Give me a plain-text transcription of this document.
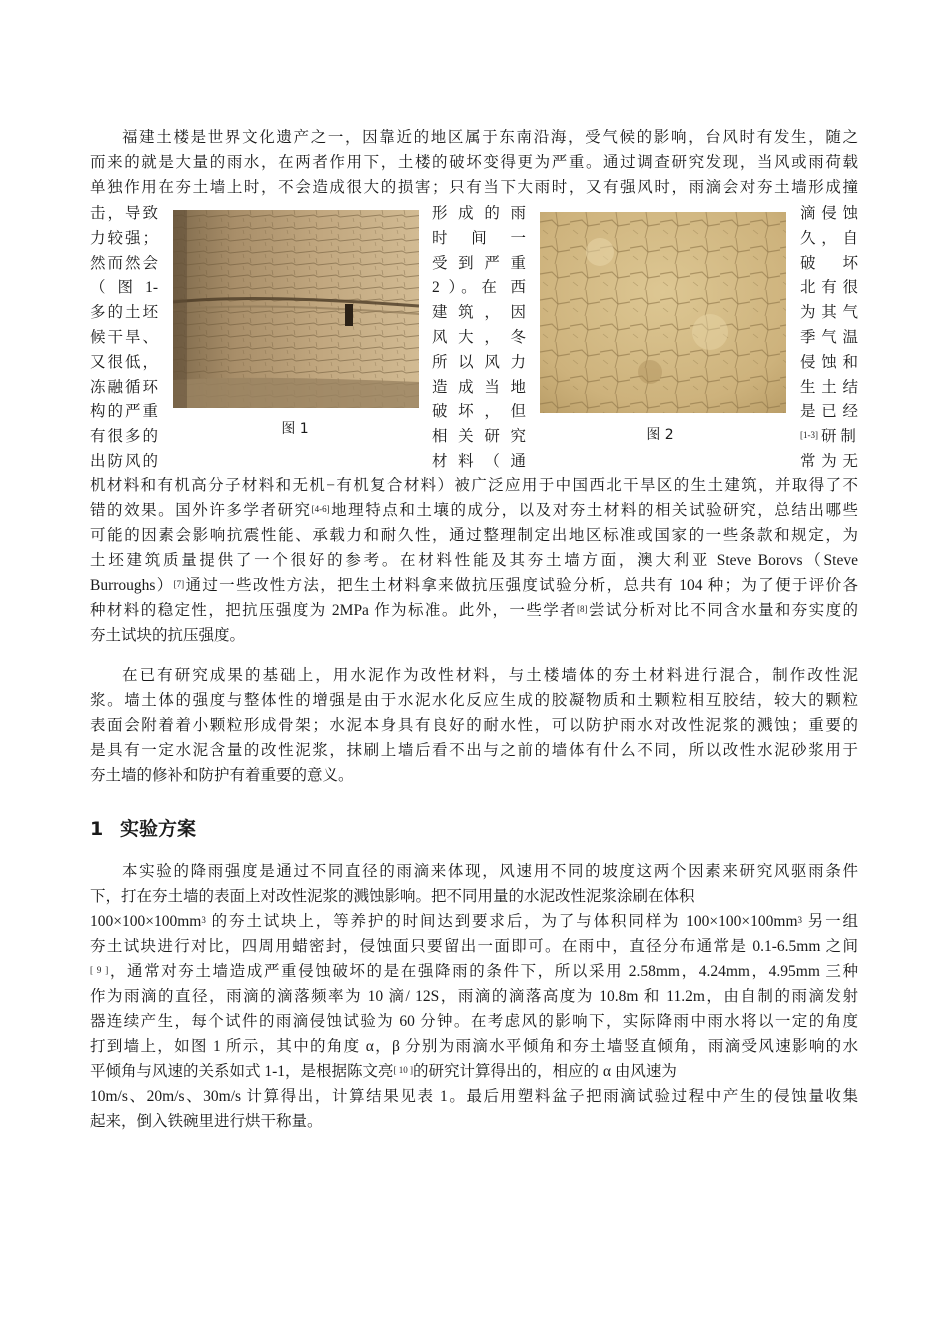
福建土楼是世界文化遗产之一，因靠近的地区属于东南沿海，受气候的影响，台风时有发生，随之
而来的就是大量的雨水，在两者作用下，土楼的破坏变得更为严重。通过调查研究发现，当风或雨荷载
单独作用在夯土墙上时，不会造成很大的损害；只有当下大雨时，又有强风时，雨滴会对夯土墙形成撞
击，导致
力较强；
然而然会
（ 图 1-
多的土坯
候干旱、
又很低，
冻融循环
构的严重
有很多的
出防风的
形 成 的 雨
时 间 一
受 到 严 重
2 ）。在 西
建 筑 ， 因
风 大 ， 冬
所 以 风 力
造 成 当 地
破 坏 ， 但
相 关 研 究
材 料 （ 通
滴 侵 蚀
久 ， 自
破 坏
北 有 很
为 其 气
季 气 温
侵 蚀 和
生 土 结
是 已 经
[1-3] 研 制
常 为 无
图 1	图 2
机材料和有机高分子材料和无机−有机复合材料）被广泛应用于中国西北干旱区的生土建筑，并取得了不
错的效果。国外许多学者研究[4-6]地理特点和土壤的成分，以及对夯土材料的相关试验研究，总结出哪些
可能的因素会影响抗震性能、承载力和耐久性，通过整理制定出地区标准或国家的一些条款和规定，为
土坯建筑质量提供了一个很好的参考。在材料性能及其夯土墙方面，澳大利亚 Steve Borovs（Steve
Burroughs）[7]通过一些改性方法，把生土材料拿来做抗压强度试验分析，总共有 104 种；为了便于评价各
种材料的稳定性，把抗压强度为 2MPa 作为标准。此外，一些学者[8]尝试分析对比不同含水量和夯实度的
夯土试块的抗压强度。
在已有研究成果的基础上，用水泥作为改性材料，与土楼墙体的夯土材料进行混合，制作改性泥
浆。墙土体的强度与整体性的增强是由于水泥水化反应生成的胶凝物质和土颗粒相互胶结，较大的颗粒
表面会附着着小颗粒形成骨架；水泥本身具有良好的耐水性，可以防护雨水对改性泥浆的溅蚀；重要的
是具有一定水泥含量的改性泥浆，抹刷上墙后看不出与之前的墙体有什么不同，所以改性水泥砂浆用于
夯土墙的修补和防护有着重要的意义。
1 实验方案
本实验的降雨强度是通过不同直径的雨滴来体现，风速用不同的坡度这两个因素来研究风驱雨条件
下，打在夯土墙的表面上对改性泥浆的溅蚀影响。把不同用量的水泥改性泥浆涂刷在体积
$100\times 100\times 100mm^3$ 的夯土试块上，等养护的时间达到要求后，为了与体积同样为 $100\times 100\times 100mm^3$ 另一组
夯土试块进行对比，四周用蜡密封，侵蚀面只要留出一面即可。在雨中，直径分布通常是 0.1-6.5mm 之间
[ 9 ]，通常对夯土墙造成严重侵蚀破坏的是在强降雨的条件下，所以采用 2.58mm，4.24mm，4.95mm 三种
作为雨滴的直径，雨滴的滴落频率为 10 滴/ 12S，雨滴的滴落高度为 10.8m 和 11.2m，由自制的雨滴发射
器连续产生，每个试件的雨滴侵蚀试验为 60 分钟。在考虑风的影响下，实际降雨中雨水将以一定的角度
打到墙上，如图 1 所示，其中的角度 α，β 分别为雨滴水平倾角和夯土墙竖直倾角，雨滴受风速影响的水
平倾角与风速的关系如式 1-1，是根据陈文亮[ 10 ]的研究计算得出的，相应的 α 由风速为
10m/s、20m/s、30m/s 计算得出，计算结果见表 1。最后用塑料盆子把雨滴试验过程中产生的侵蚀量收集
起来，倒入铁碗里进行烘干称量。
